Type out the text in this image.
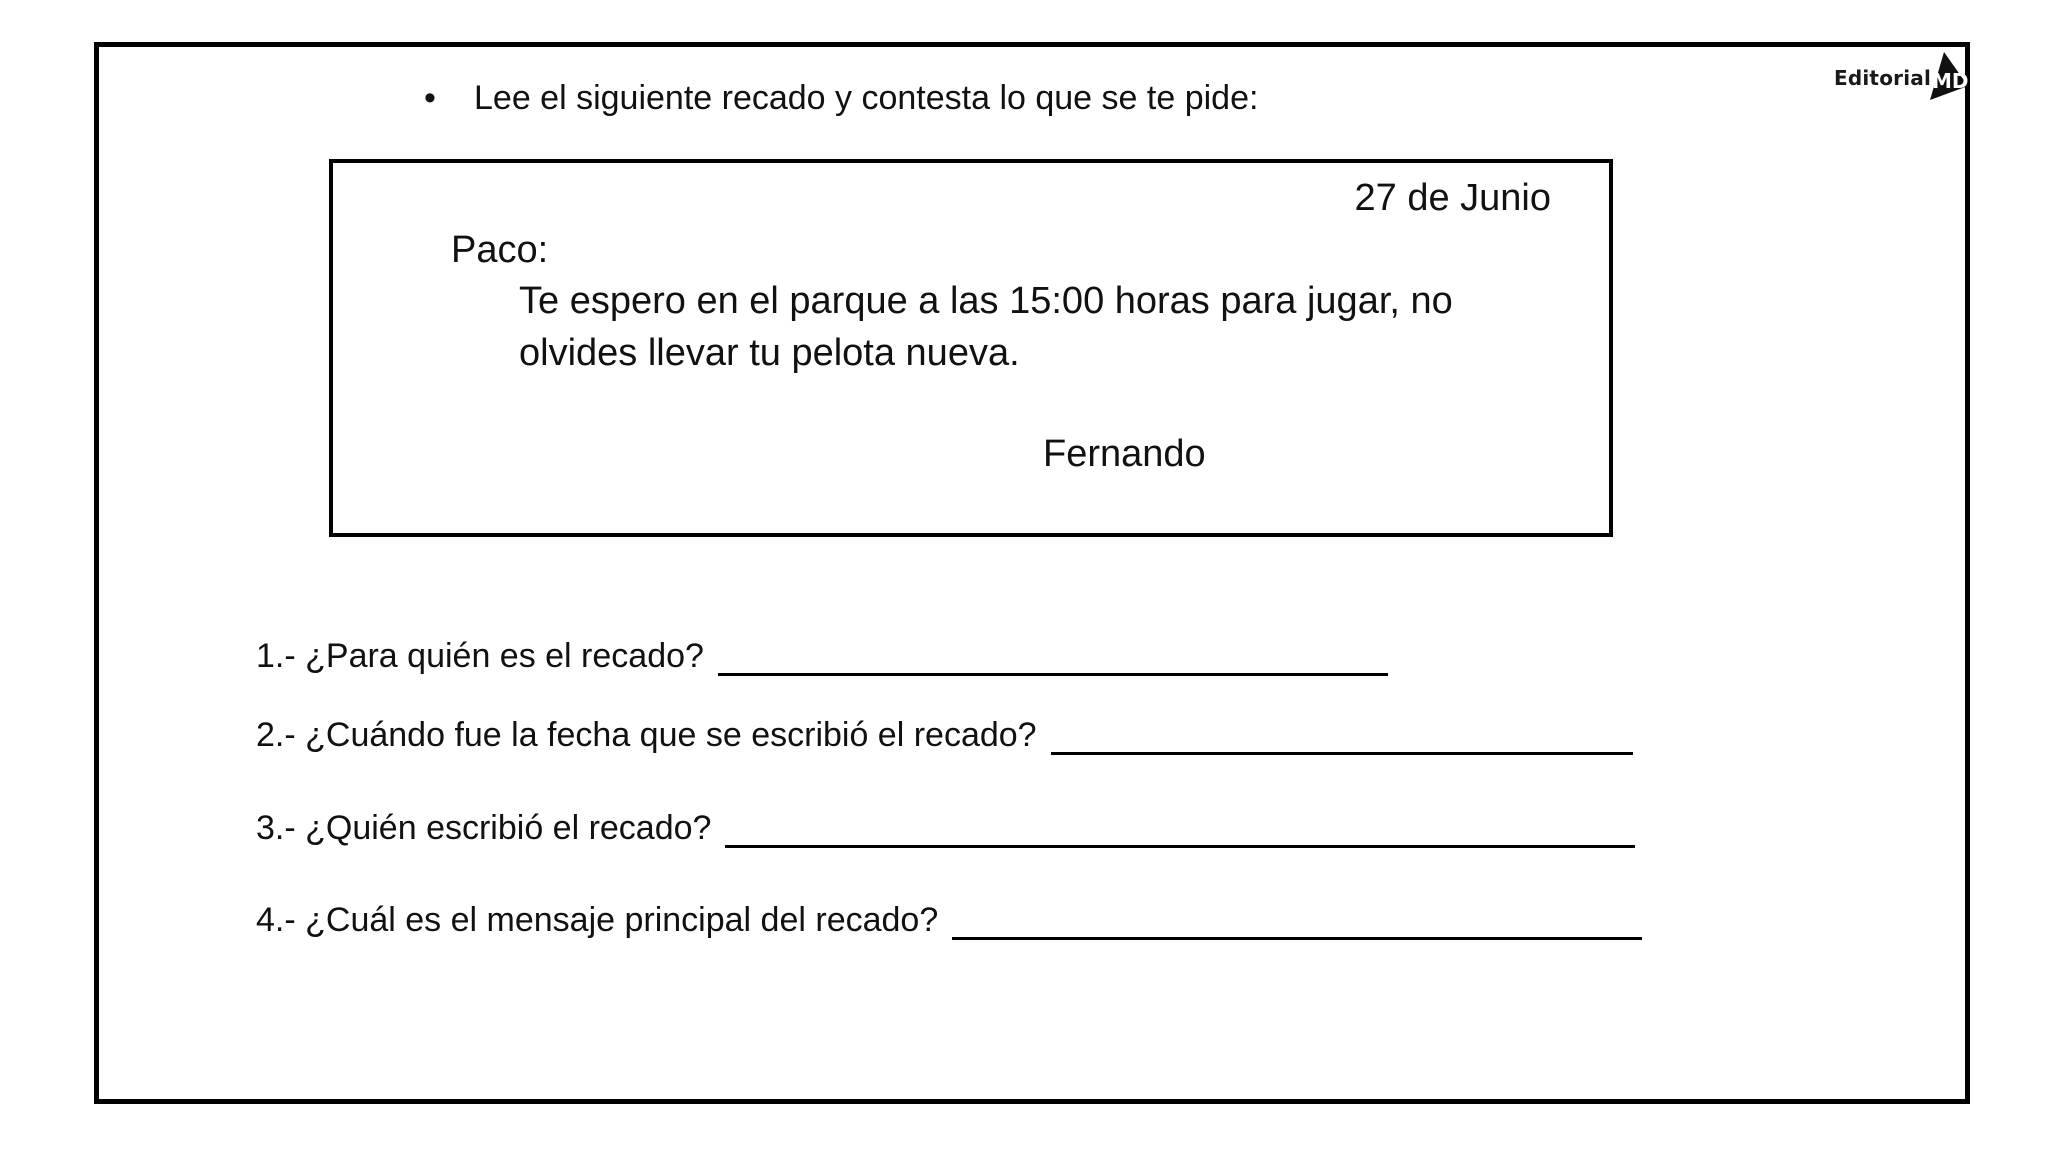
Editorial MD
• Lee el siguiente recado y contesta lo que se te pide:
27 de Junio
Paco:
Te espero en el parque a las 15:00 horas para jugar, no
olvides llevar tu pelota nueva.
Fernando
1.- ¿Para quién es el recado?
2.- ¿Cuándo fue la fecha que se escribió el recado?
3.- ¿Quién escribió el recado?
4.- ¿Cuál es el mensaje principal del recado?
